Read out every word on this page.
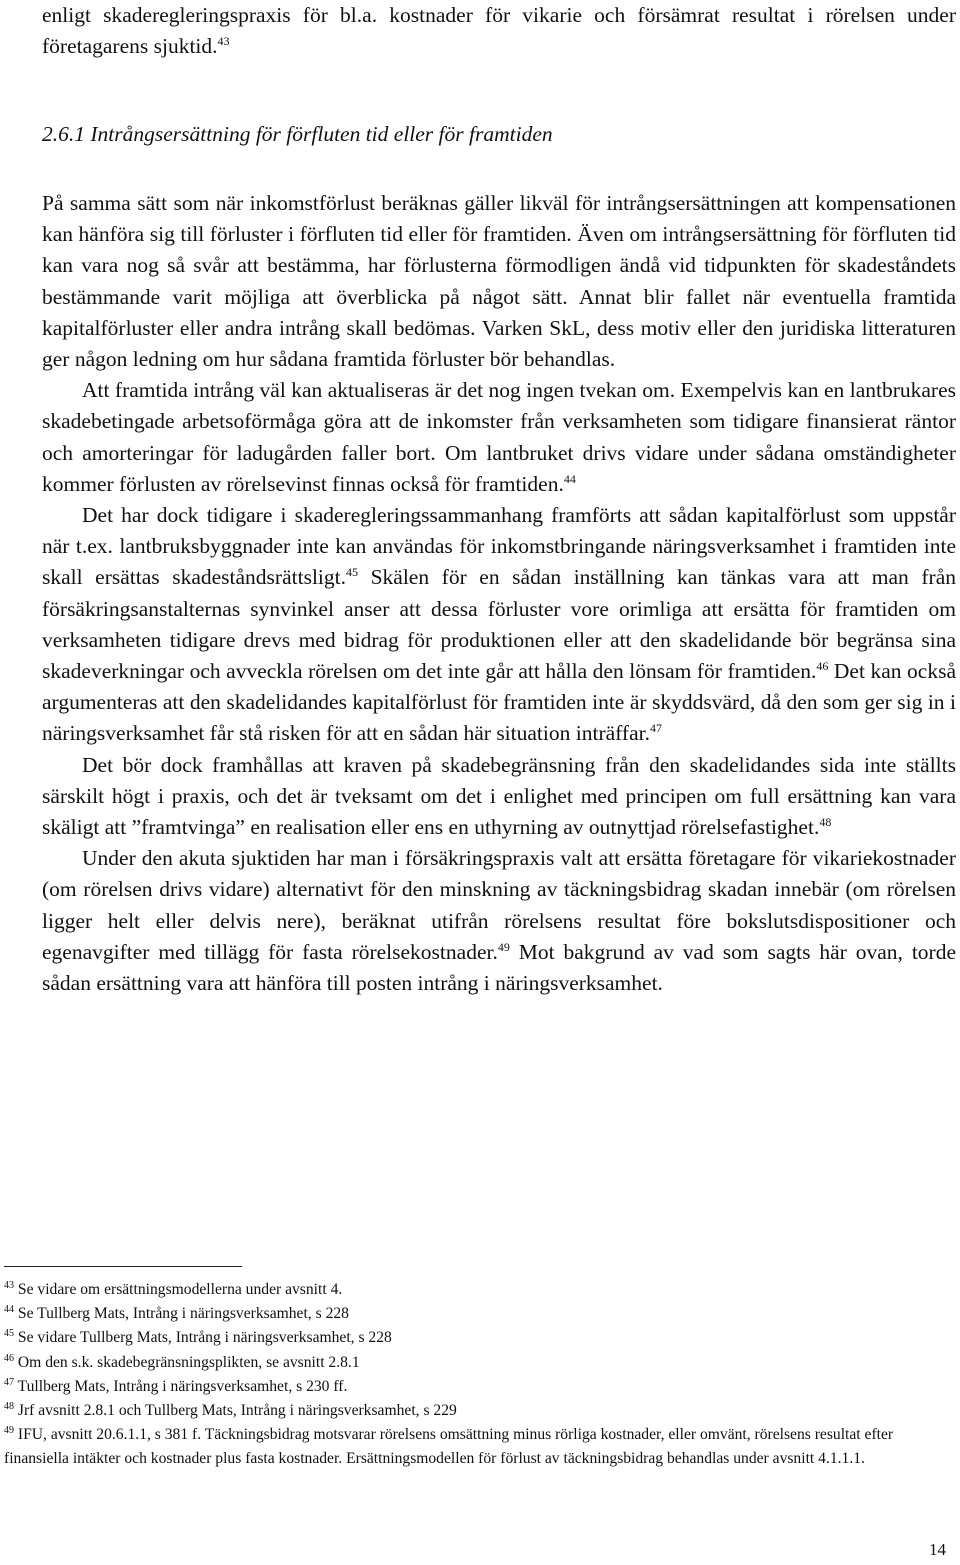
enligt skaderegleringspraxis för bl.a. kostnader för vikarie och försämrat resultat i rörelsen under företagarens sjuktid.$^{43}$

2.6.1 Intrångsersättning för förfluten tid eller för framtiden

På samma sätt som när inkomstförlust beräknas gäller likväl för intrångsersättningen att kompensationen kan hänföra sig till förluster i förfluten tid eller för framtiden. Även om intrångsersättning för förfluten tid kan vara nog så svår att bestämma, har förlusterna förmodligen ändå vid tidpunkten för skadeståndets bestämmande varit möjliga att överblicka på något sätt. Annat blir fallet när eventuella framtida kapitalförluster eller andra intrång skall bedömas. Varken SkL, dess motiv eller den juridiska litteraturen ger någon ledning om hur sådana framtida förluster bör behandlas.

Att framtida intrång väl kan aktualiseras är det nog ingen tvekan om. Exempelvis kan en lantbrukares skadebetingade arbetsoförmåga göra att de inkomster från verksamheten som tidigare finansierat räntor och amorteringar för ladugården faller bort. Om lantbruket drivs vidare under sådana omständigheter kommer förlusten av rörelsevinst finnas också för framtiden.$^{44}$

Det har dock tidigare i skaderegleringssammanhang framförts att sådan kapitalförlust som uppstår när t.ex. lantbruksbyggnader inte kan användas för inkomstbringande näringsverksamhet i framtiden inte skall ersättas skadeståndsrättsligt.$^{45}$ Skälen för en sådan inställning kan tänkas vara att man från försäkringsanstalternas synvinkel anser att dessa förluster vore orimliga att ersätta för framtiden om verksamheten tidigare drevs med bidrag för produktionen eller att den skadelidande bör begränsa sina skadeverkningar och avveckla rörelsen om det inte går att hålla den lönsam för framtiden.$^{46}$ Det kan också argumenteras att den skadelidandes kapitalförlust för framtiden inte är skyddsvärd, då den som ger sig in i näringsverksamhet får stå risken för att en sådan här situation inträffar.$^{47}$

Det bör dock framhållas att kraven på skadebegränsning från den skadelidandes sida inte ställts särskilt högt i praxis, och det är tveksamt om det i enlighet med principen om full ersättning kan vara skäligt att ”framtvinga” en realisation eller ens en uthyrning av outnyttjad rörelsefastighet.$^{48}$

Under den akuta sjuktiden har man i försäkringspraxis valt att ersätta företagare för vikariekostnader (om rörelsen drivs vidare) alternativt för den minskning av täckningsbidrag skadan innebär (om rörelsen ligger helt eller delvis nere), beräknat utifrån rörelsens resultat före bokslutsdispositioner och egenavgifter med tillägg för fasta rörelsekostnader.$^{49}$ Mot bakgrund av vad som sagts här ovan, torde sådan ersättning vara att hänföra till posten intrång i näringsverksamhet.

$^{43}$ Se vidare om ersättningsmodellerna under avsnitt 4.

$^{44}$ Se Tullberg Mats, Intrång i näringsverksamhet, s 228

$^{45}$ Se vidare Tullberg Mats, Intrång i näringsverksamhet, s 228

$^{46}$ Om den s.k. skadebegränsningsplikten, se avsnitt 2.8.1

$^{47}$ Tullberg Mats, Intrång i näringsverksamhet, s 230 ff.

$^{48}$ Jrf avsnitt 2.8.1 och Tullberg Mats, Intrång i näringsverksamhet, s 229

$^{49}$ IFU, avsnitt 20.6.1.1, s 381 f. Täckningsbidrag motsvarar rörelsens omsättning minus rörliga kostnader, eller omvänt, rörelsens resultat efter finansiella intäkter och kostnader plus fasta kostnader. Ersättningsmodellen för förlust av täckningsbidrag behandlas under avsnitt 4.1.1.1.

14
